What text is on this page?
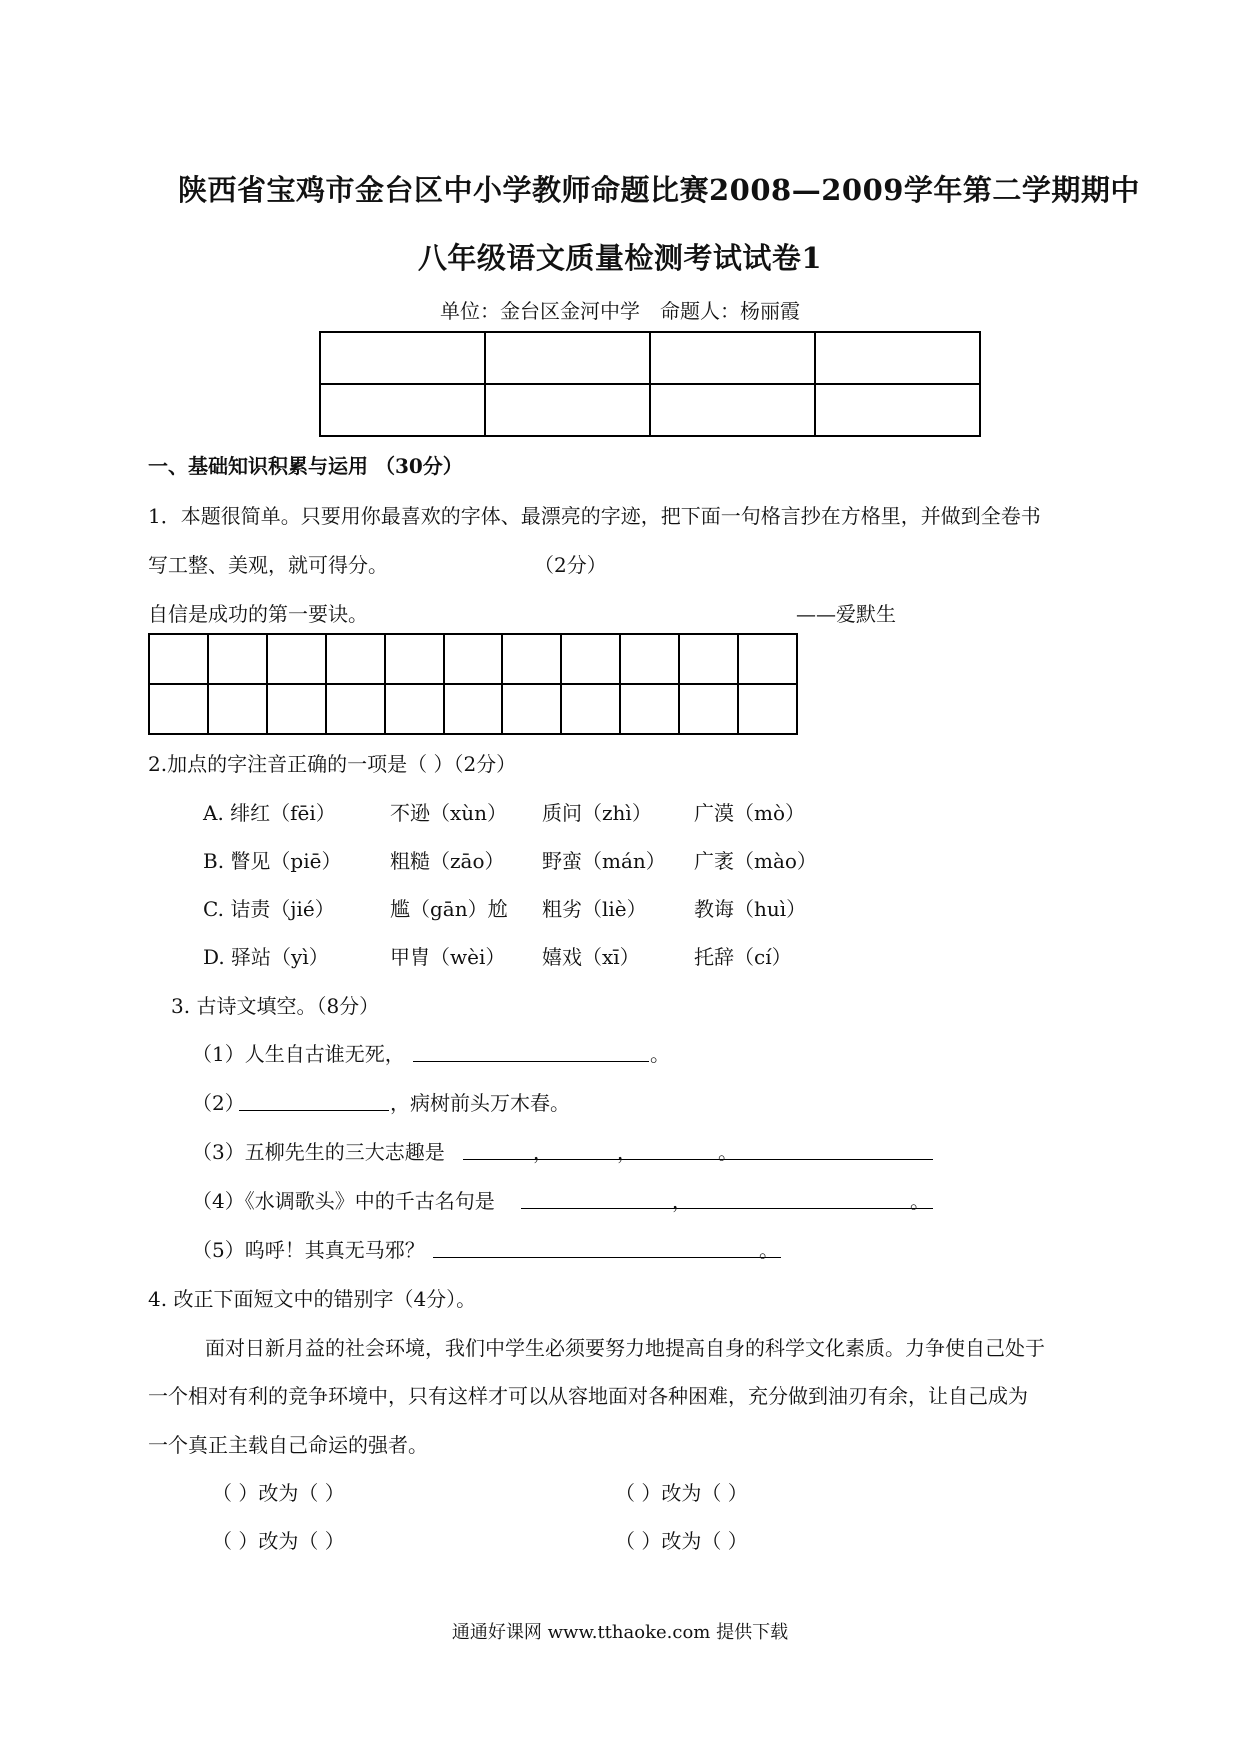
陕西省宝鸡市金台区中小学教师命题比赛2008—2009学年第二学期期中
八年级语文质量检测考试试卷1
单位：金台区金河中学　命题人：杨丽霞

一、基础知识积累与运用 （30分）
1．本题很简单。只要用你最喜欢的字体、最漂亮的字迹，把下面一句格言抄在方格里，并做到全卷书
写工整、美观，就可得分。	（2分）
自信是成功的第一要诀。	——爱默生

2.加点的字注音正确的一项是（ ）（2分）
A. 绯红（fēi）	不逊（xùn） 质问（zhì） 广漠（mò）
B. 瞥见（piē） 粗糙（zāo） 野蛮（mán） 广袤（mào）
C. 诘责（jié）	尴（gān）尬 粗劣（liè） 教诲（huì）
D. 驿站（yì）	甲胄（wèi） 嬉戏（xī）	托辞（cí）
3. 古诗文填空。（8分）
（1）人生自古谁无死，	。
（2）	，病树前头万木春。
（3）五柳先生的三大志趣是	，	，	。
（4）《水调歌头》中的千古名句是	，	。
（5）呜呼！其真无马邪？	。
4. 改正下面短文中的错别字（4分）。
面对日新月益的社会环境，我们中学生必须要努力地提高自身的科学文化素质。力争使自己处于
一个相对有利的竞争环境中，只有这样才可以从容地面对各种困难，充分做到油刃有余，让自己成为
一个真正主载自己命运的强者。
（ ）改为（ ）	（ ）改为（ ）
（ ）改为（ ）	（ ）改为（ ）
通通好课网 www.tthaoke.com 提供下载
